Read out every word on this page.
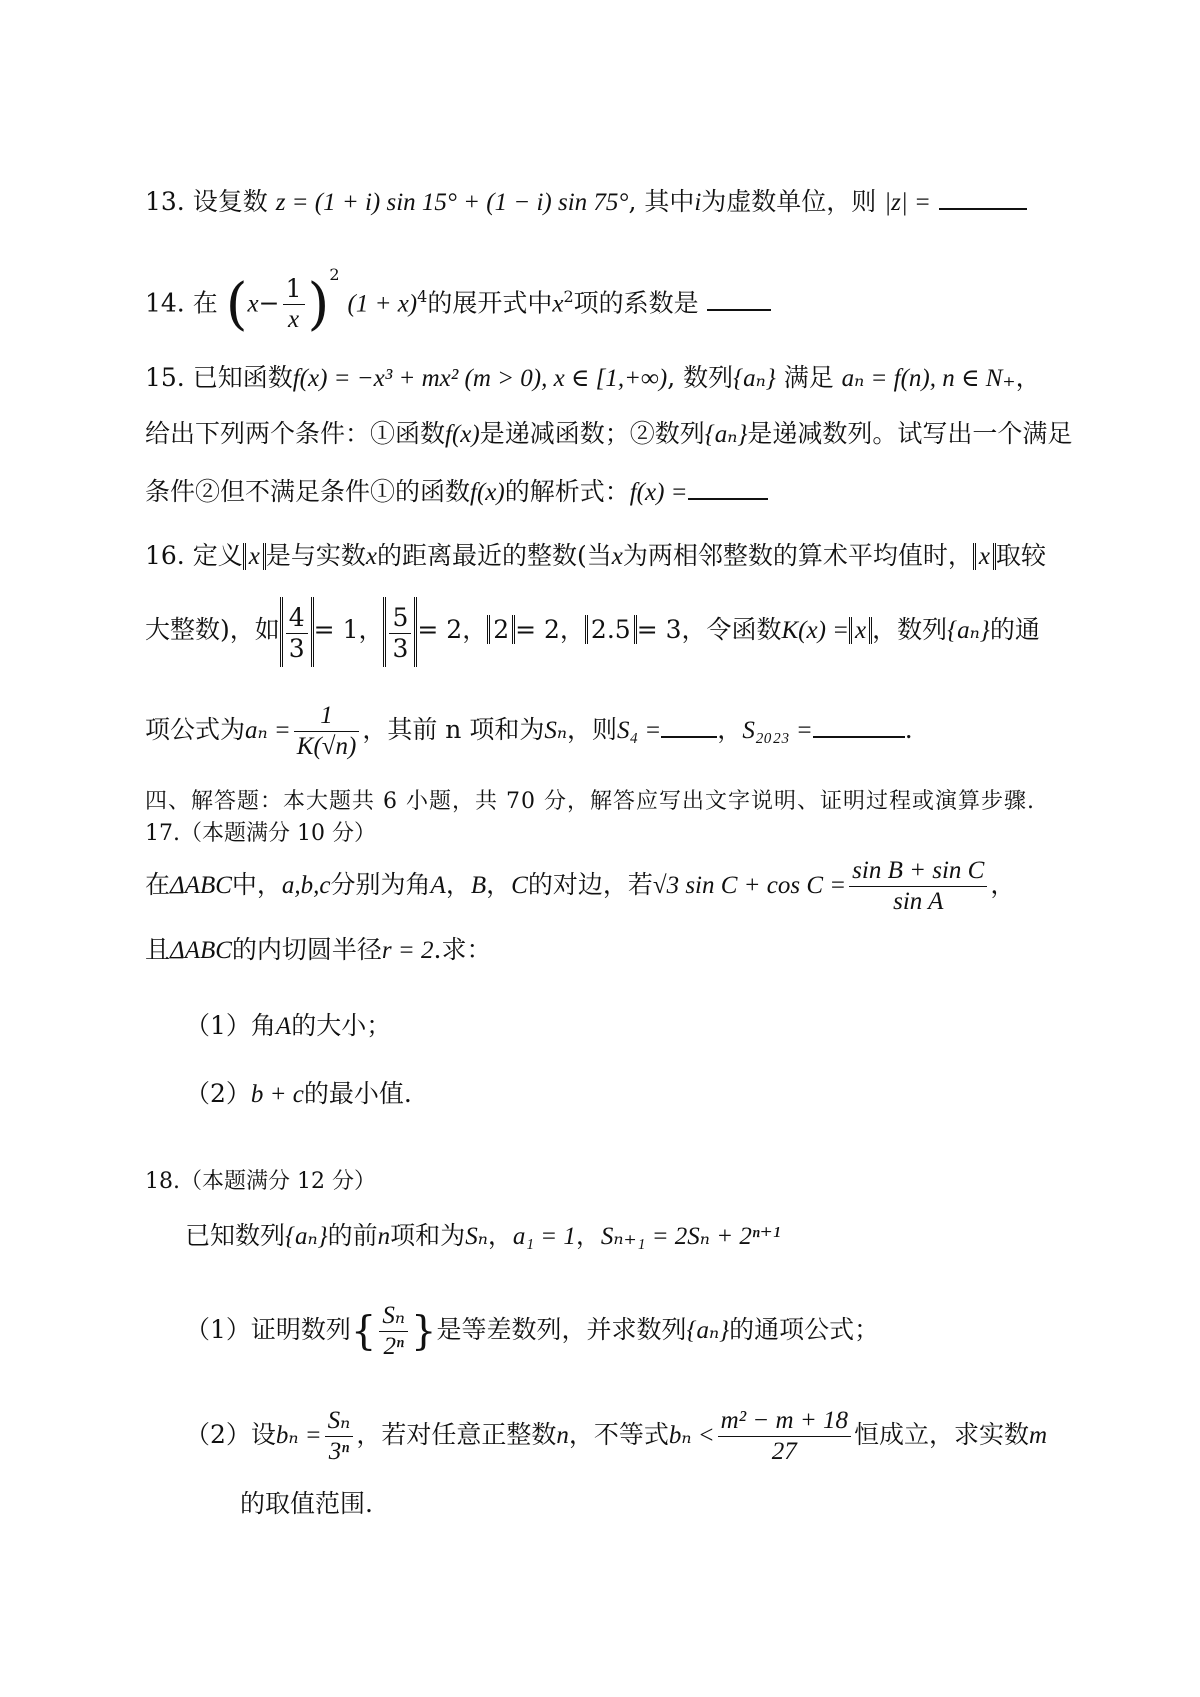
13. 设复数 z = (1 + i) sin 15° + (1 − i) sin 75°, 其中i为虚数单位，则 |z| =
14. 在 $(x- \frac{1}{x} )^2$ $(1 + x)^4$的展开式中$x^2$项的系数是
15. 已知函数f(x) = −x³ + mx² (m > 0), x ∈ [1,+∞), 数列{aₙ} 满足 aₙ = f(n), n ∈ N₊，
给出下列两个条件：①函数f(x)是递减函数；②数列{aₙ}是递减数列。试写出一个满足
条件②但不满足条件①的函数f(x)的解析式：f(x) =
16. 定义 x 是与实数x的距离最近的整数(当x为两相邻整数的算术平均值时， x 取较
大整数)，如 $\frac{4}{3} = 1$， $\frac{5}{3} = 2$， 2 = 2， 2.5 = 3，令函数K(x) = x ，数列{aₙ}的通
项公式为$a_n = \frac{1}{K(√n)}$ ，其前 n 项和为Sₙ，则S₄ = ，S₂₀₂₃ =	.
四、解答题：本大题共 6 小题，共 70 分，解答应写出文字说明、证明过程或演算步骤.
17.（本题满分 10 分）
在ΔABC中，a,b,c分别为角A，B，C的对边，若√3 $\sin C + \cos C = \frac{\text{sin B + sin C}}{\text{sin A}}$ ，
且ΔABC的内切圆半径r = 2.求：
（1）角A的大小；
（2）b + c的最小值.
18.（本题满分 12 分）
已知数列{aₙ}的前n项和为Sₙ，a₁ = 1，Sₙ₊₁ = 2Sₙ + 2ⁿ⁺¹
（1）证明数列{ $\frac{\text{Sₙ}}{\text{2ⁿ}}$ }是等差数列，并求数列{aₙ}的通项公式；
（2）设$b_n = \frac{\text{Sₙ}}{\text{3ⁿ}}$ ，若对任意正整数n，不等式$b_n < \frac{\text{m² − m + 18}}{27}$ 恒成立，求实数m
的取值范围.
